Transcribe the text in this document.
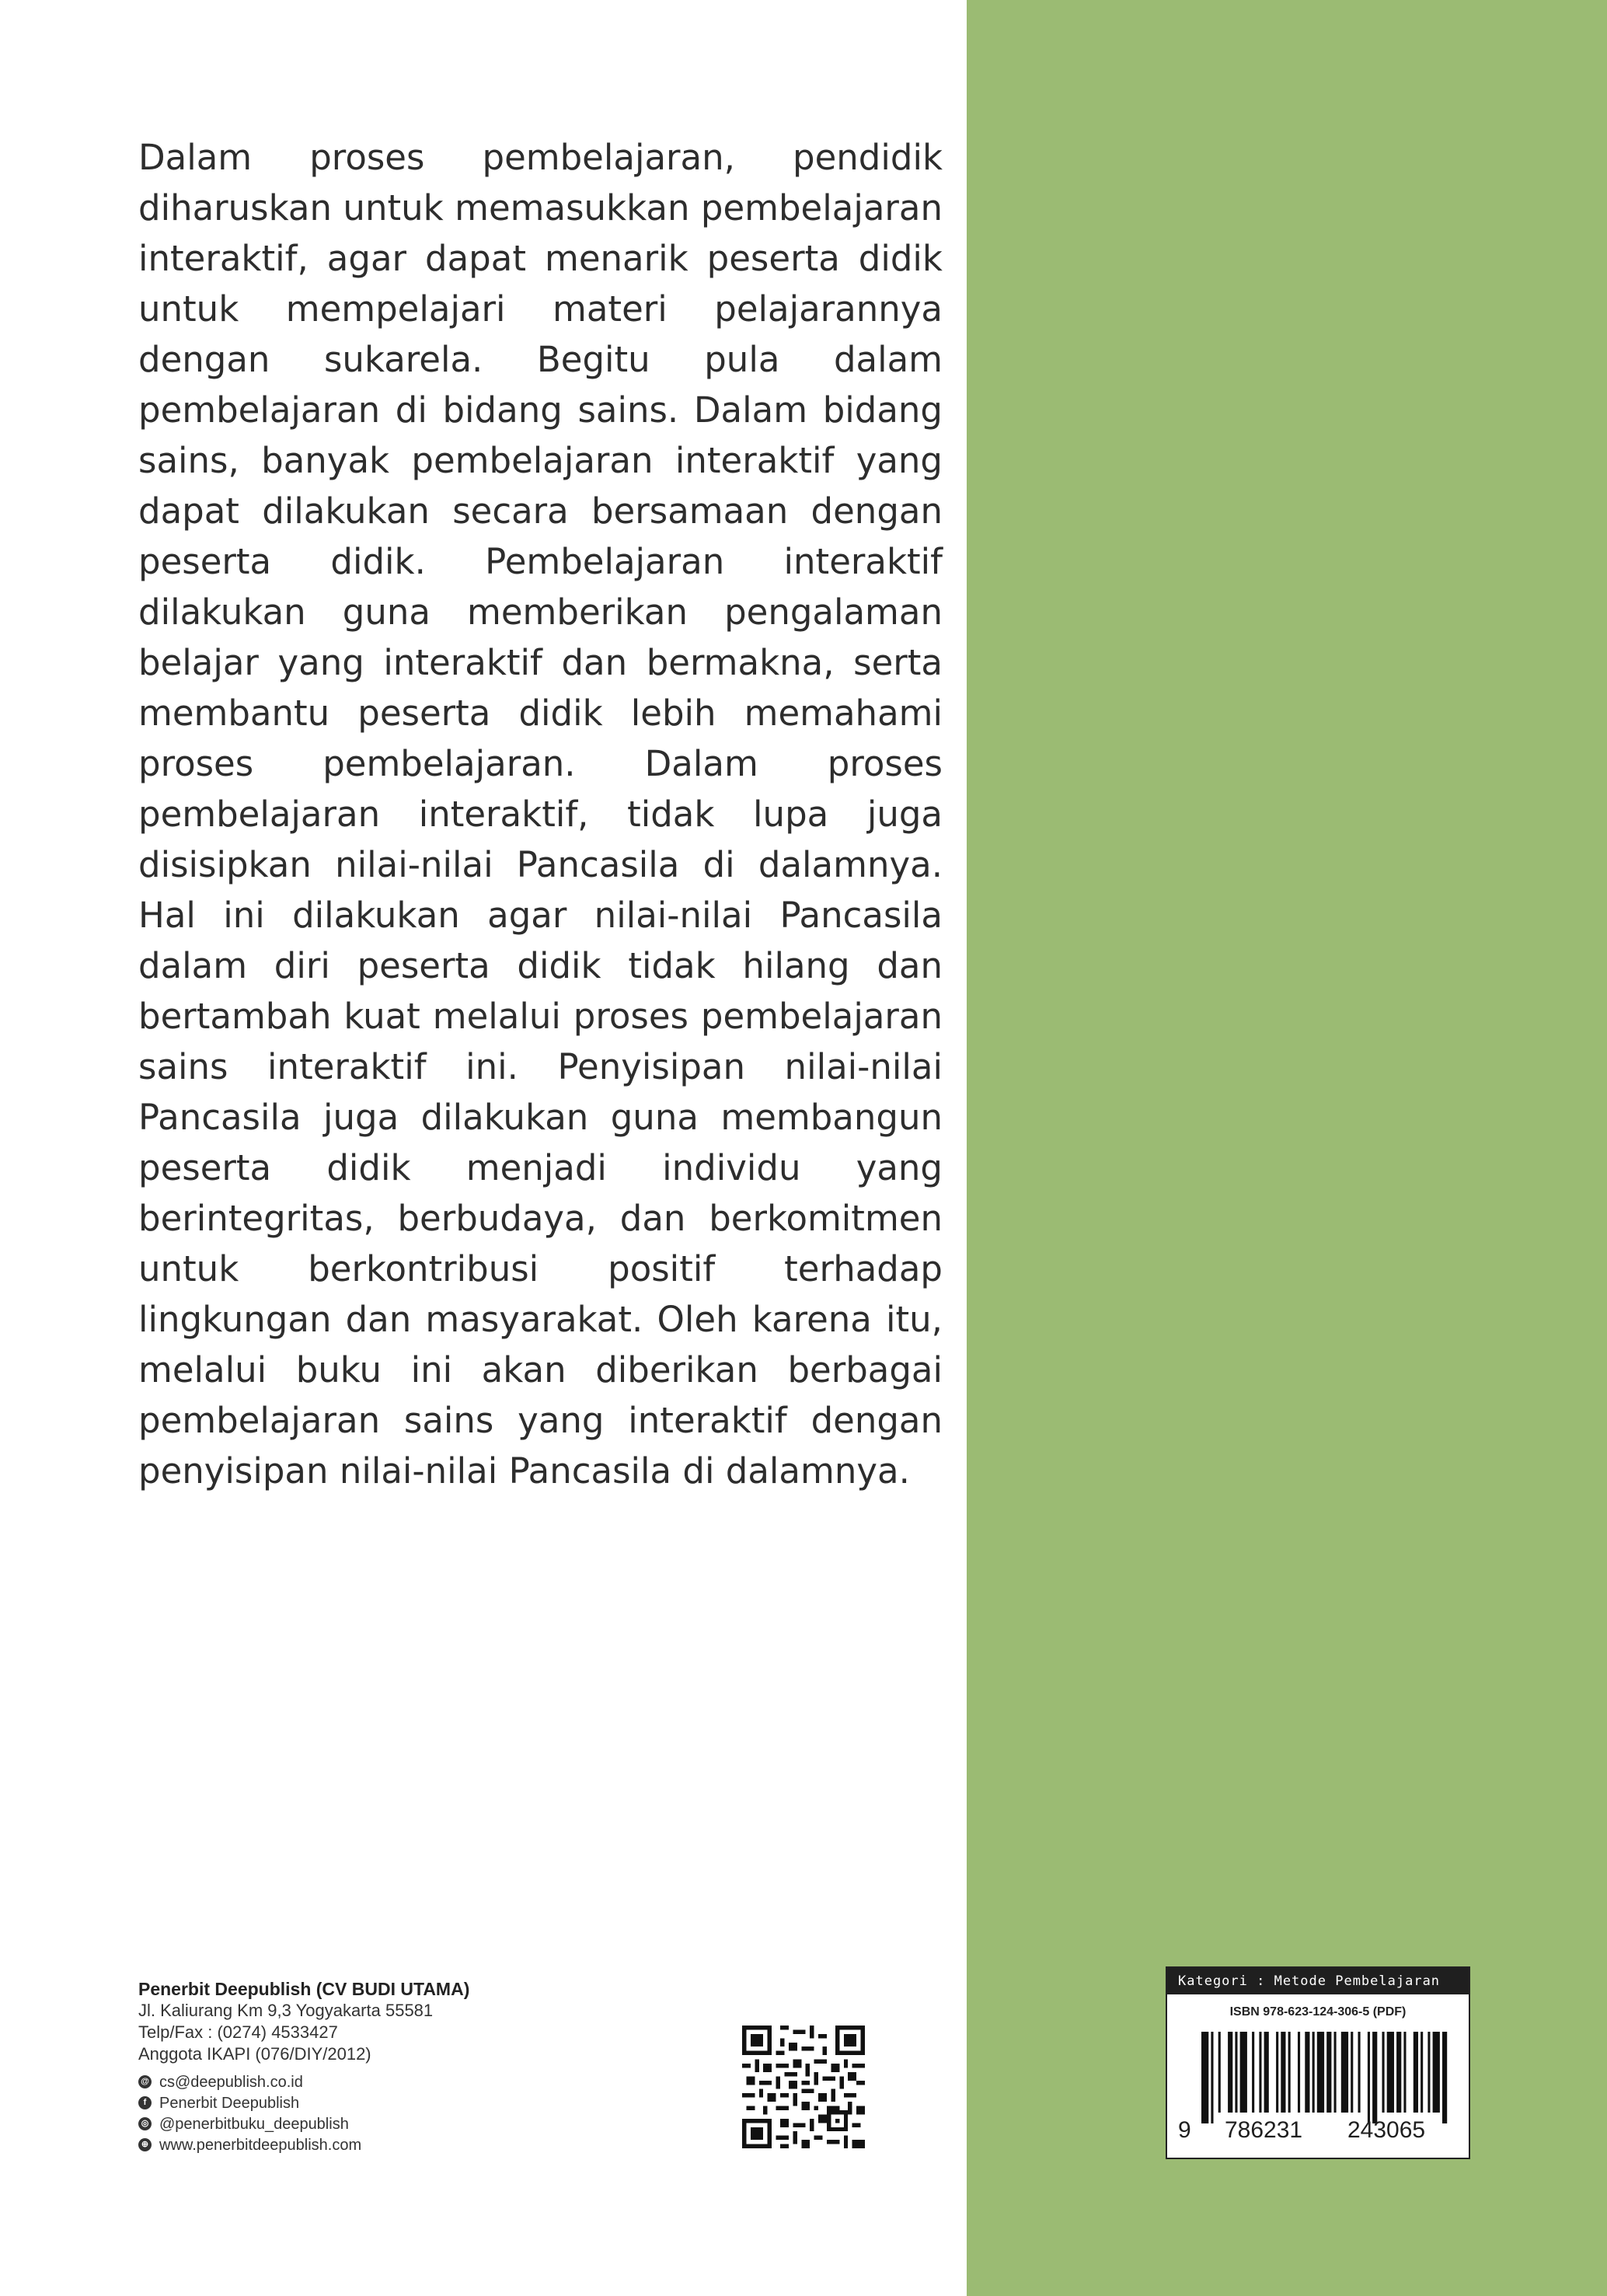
Dalam proses pembelajaran, pendidik diharuskan untuk memasukkan pembelajaran interaktif, agar dapat menarik peserta didik untuk mempelajari materi pelajarannya dengan sukarela. Begitu pula dalam pembelajaran di bidang sains. Dalam bidang sains, banyak pembelajaran interaktif yang dapat dilakukan secara bersamaan dengan peserta didik. Pembelajaran interaktif dilakukan guna memberikan pengalaman belajar yang interaktif dan bermakna, serta membantu peserta didik lebih memahami proses pembelajaran. Dalam proses pembelajaran interaktif, tidak lupa juga disisipkan nilai-nilai Pancasila di dalamnya. Hal ini dilakukan agar nilai-nilai Pancasila dalam diri peserta didik tidak hilang dan bertambah kuat melalui proses pembelajaran sains interaktif ini. Penyisipan nilai-nilai Pancasila juga dilakukan guna membangun peserta didik menjadi individu yang berintegritas, berbudaya, dan berkomitmen untuk berkontribusi positif terhadap lingkungan dan masyarakat. Oleh karena itu, melalui buku ini akan diberikan berbagai pembelajaran sains yang interaktif dengan penyisipan nilai-nilai Pancasila di dalamnya.

Penerbit Deepublish (CV BUDI UTAMA)
Jl. Kaliurang Km 9,3 Yogyakarta 55581
Telp/Fax : (0274) 4533427
Anggota IKAPI (076/DIY/2012)
@ cs@deepublish.co.id
f Penerbit Deepublish
◎ @penerbitbuku_deepublish
⊕ www.penerbitdeepublish.com
Kategori : Metode Pembelajaran
ISBN 978-623-124-306-5 (PDF)
9 786231 243065
